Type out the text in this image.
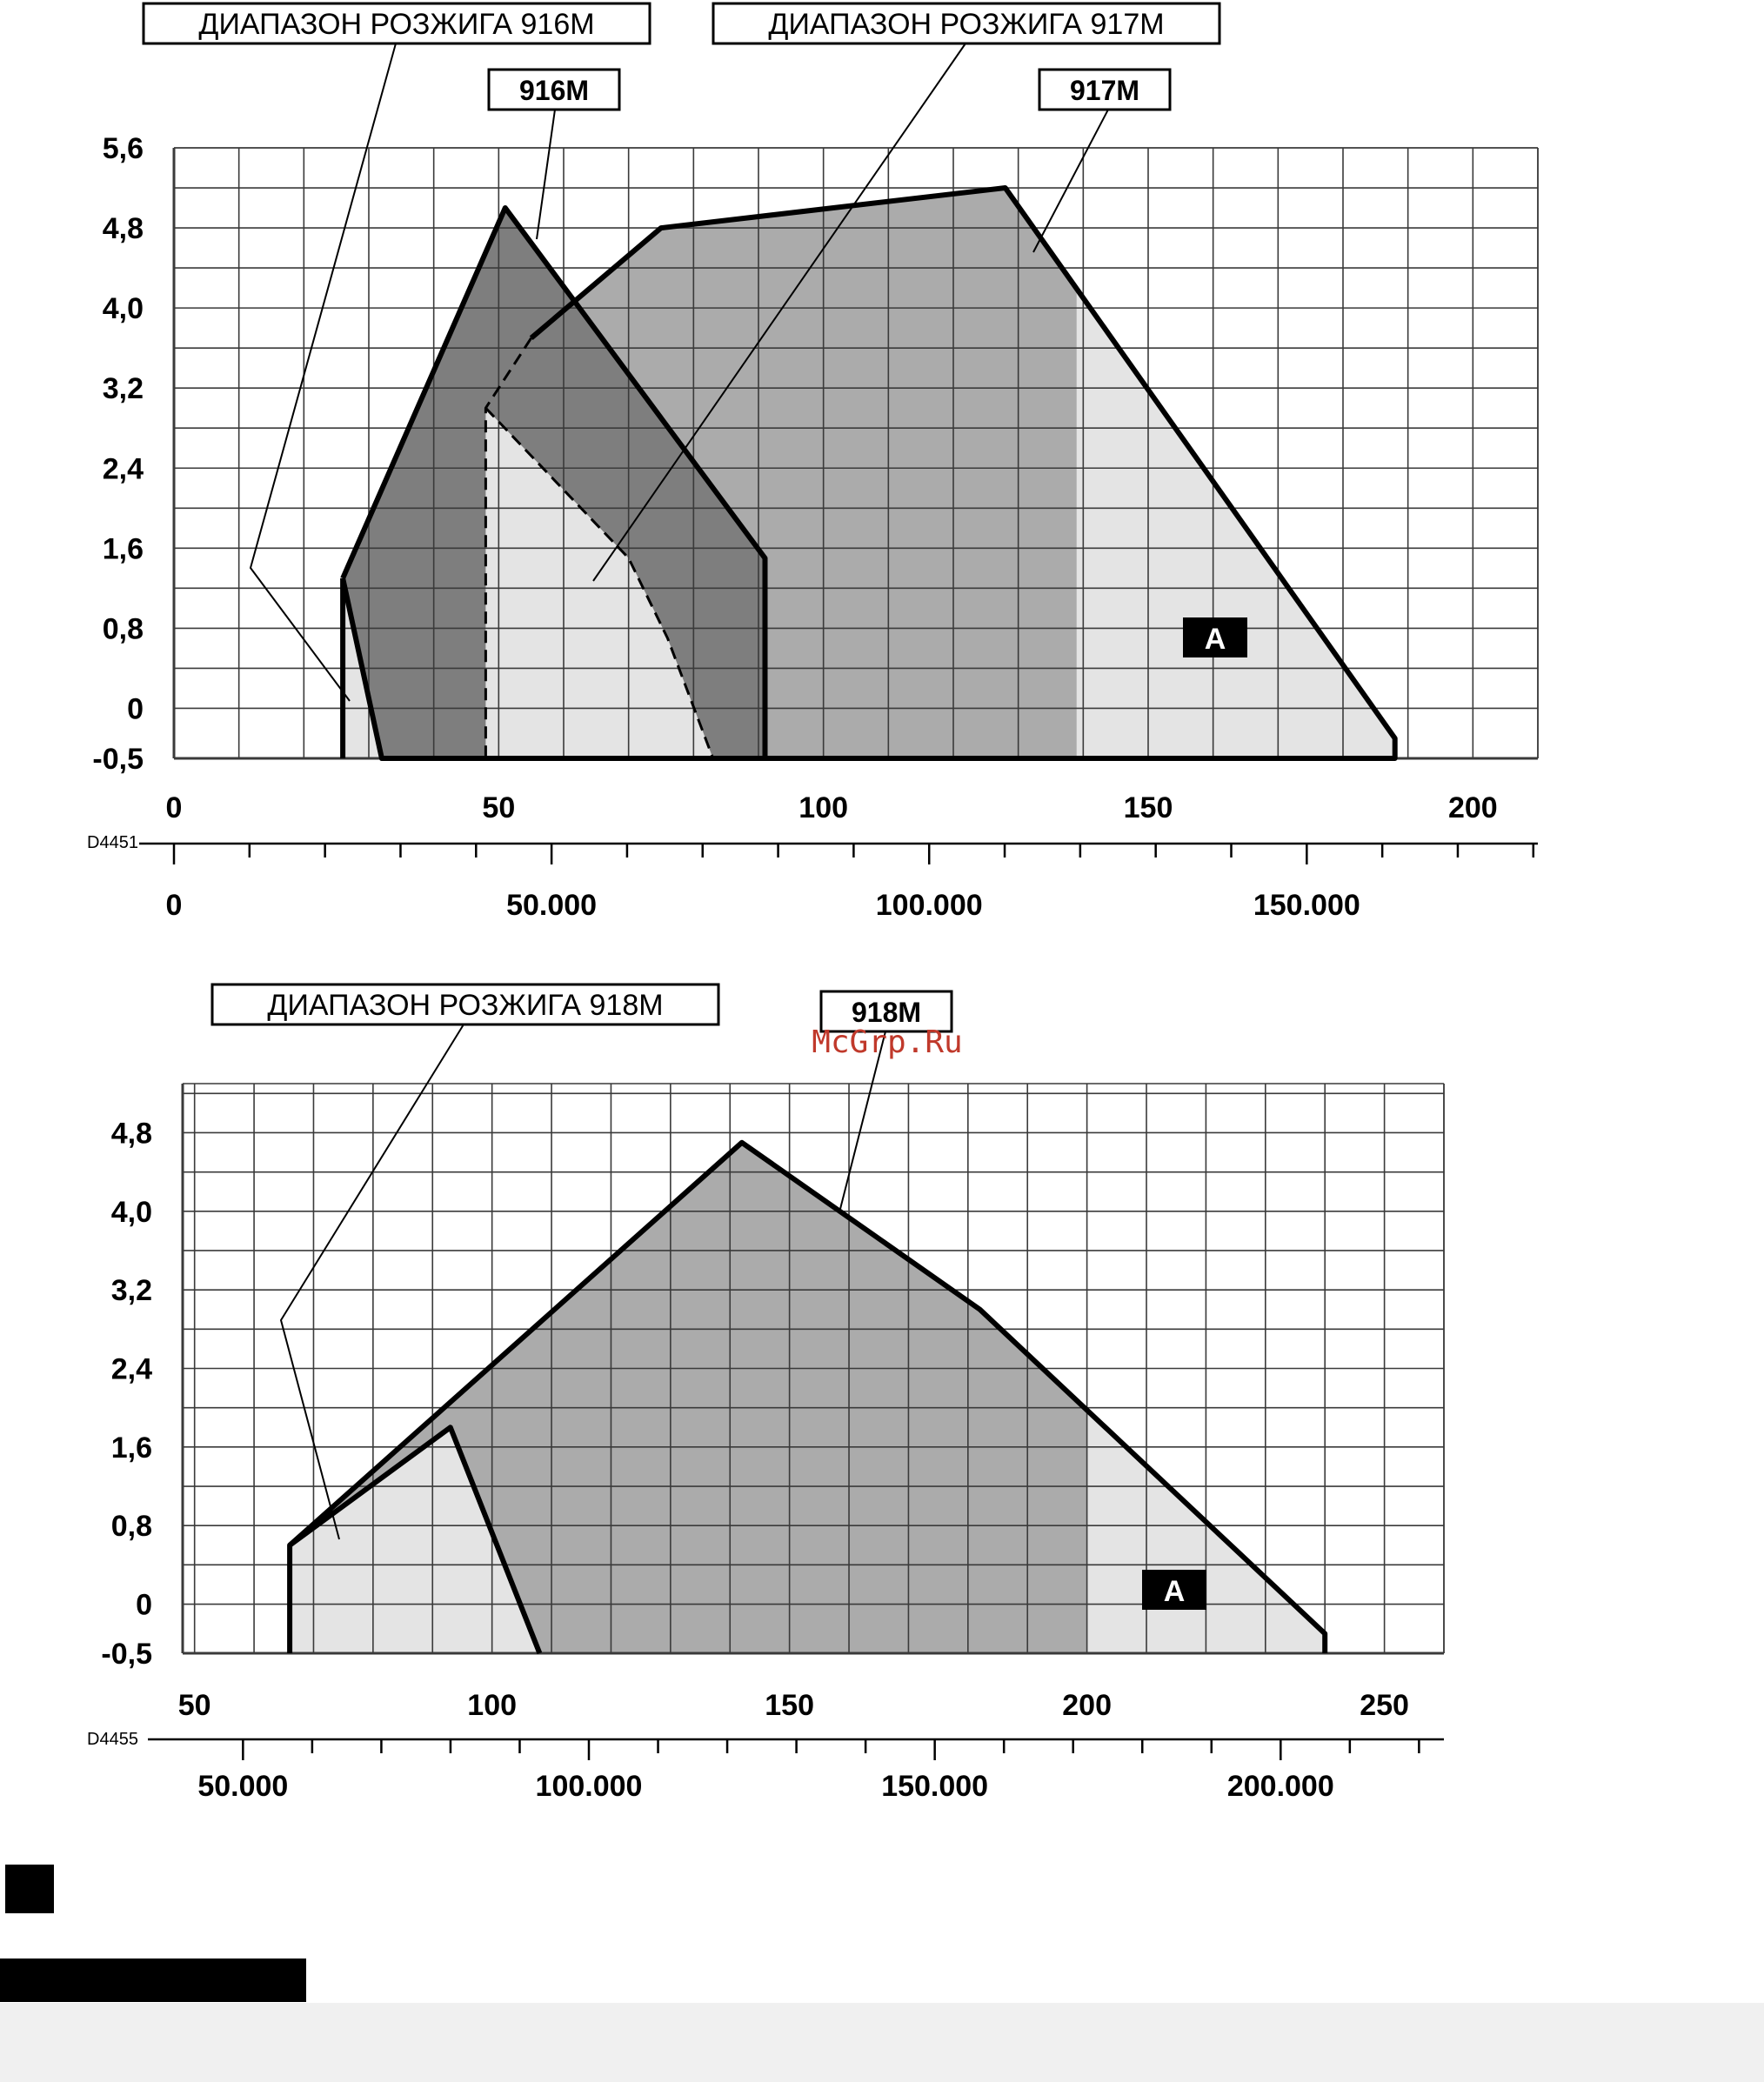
5,6
4,8
4,0
3,2
2,4
1,6
0,8
0
-0,5
0	50	100	150	200
0	50.000	100.000	150.000
D4451
A
ДИАПАЗОН РОЗЖИГА 916M	ДИАПАЗОН РОЗЖИГА 917M
917M
916M
4,8
4,0
3,2
2,4
1,6
0,8
0
-0,5
50	100	150	200	250
50.000	100.000	150.000	200.000
D4455
A
ДИАПАЗОН РОЗЖИГА 918M	918M
McGrp.Ru
